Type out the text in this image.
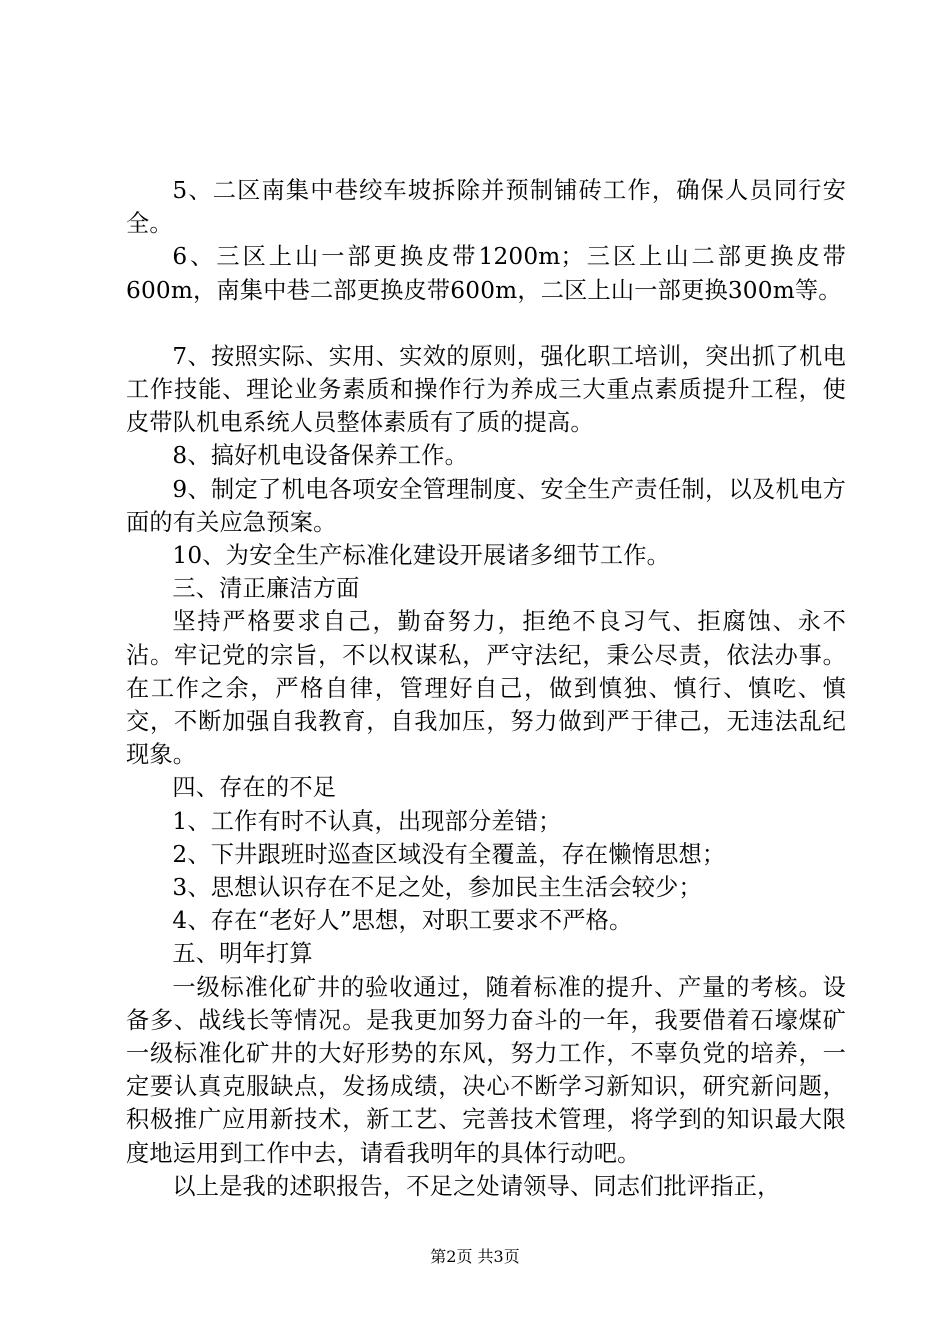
5、二区南集中巷绞车坡拆除并预制铺砖工作，确保人员同行安全。

6、三区上山一部更换皮带1200m；三区上山二部更换皮带600m，南集中巷二部更换皮带600m，二区上山一部更换300m等。

7、按照实际、实用、实效的原则，强化职工培训，突出抓了机电工作技能、理论业务素质和操作行为养成三大重点素质提升工程，使皮带队机电系统人员整体素质有了质的提高。

8、搞好机电设备保养工作。

9、制定了机电各项安全管理制度、安全生产责任制，以及机电方面的有关应急预案。

10、为安全生产标准化建设开展诸多细节工作。

三、清正廉洁方面

坚持严格要求自己，勤奋努力，拒绝不良习气、拒腐蚀、永不沾。牢记党的宗旨，不以权谋私，严守法纪，秉公尽责，依法办事。在工作之余，严格自律，管理好自己，做到慎独、慎行、慎吃、慎交，不断加强自我教育，自我加压，努力做到严于律己，无违法乱纪现象。

四、存在的不足

1、工作有时不认真，出现部分差错；

2、下井跟班时巡查区域没有全覆盖，存在懒惰思想；

3、思想认识存在不足之处，参加民主生活会较少；

4、存在“老好人”思想，对职工要求不严格。

五、明年打算

一级标准化矿井的验收通过，随着标准的提升、产量的考核。设备多、战线长等情况。是我更加努力奋斗的一年，我要借着石壕煤矿一级标准化矿井的大好形势的东风，努力工作，不辜负党的培养，一定要认真克服缺点，发扬成绩，决心不断学习新知识，研究新问题，积极推广应用新技术，新工艺、完善技术管理，将学到的知识最大限度地运用到工作中去，请看我明年的具体行动吧。

以上是我的述职报告，不足之处请领导、同志们批评指正，

第2页 共3页
